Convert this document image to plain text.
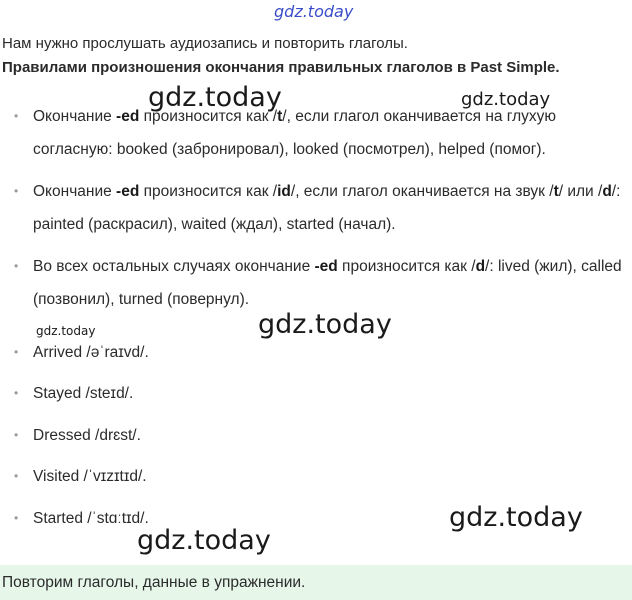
gdz.today
gdz.today	gdz.today
gdz.today	gdz.today
gdz.today
gdz.today
Нам нужно прослушать аудиозапись и повторить глаголы.
Правилами произношения окончания правильных глаголов в Past Simple.
• Окончание -ed произносится как /t/, если глагол оканчивается на глухую согласную: booked (забронировал), looked (посмотрел), helped (помог).
• Окончание -ed произносится как /id/, если глагол оканчивается на звук /t/ или /d/: painted (раскрасил), waited (ждал), started (начал).
• Во всех остальных случаях окончание -ed произносится как /d/: lived (жил), called (позвонил), turned (повернул).
• Arrived /əˈraɪvd/.
• Stayed /steɪd/.
• Dressed /drɛst/.
• Visited /ˈvɪzɪtɪd/.
• Started /ˈstɑːtɪd/.
Повторим глаголы, данные в упражнении.
